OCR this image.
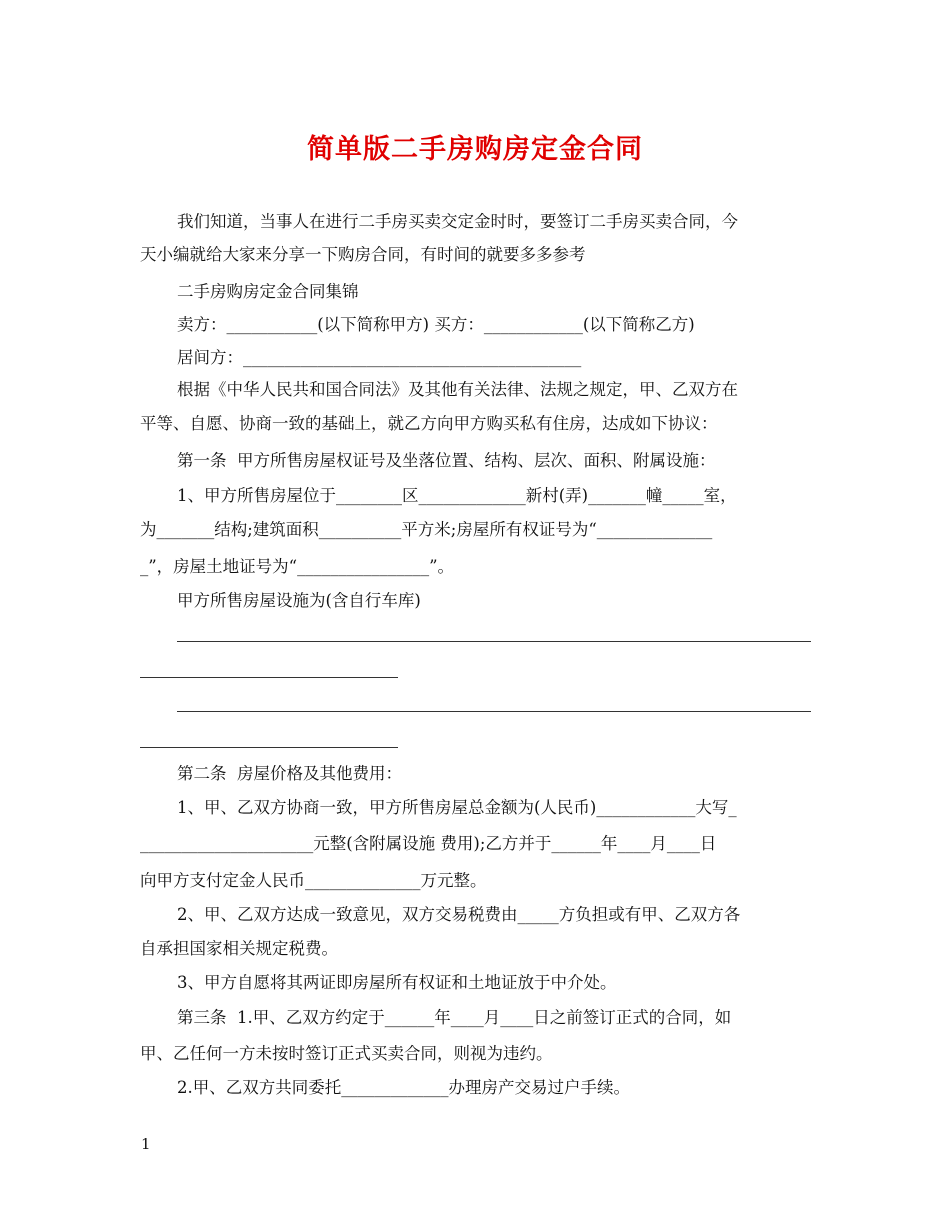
简单版二手房购房定金合同
我们知道，当事人在进行二手房买卖交定金时时，要签订二手房买卖合同，今
天小编就给大家来分享一下购房合同，有时间的就要多多参考
二手房购房定金合同集锦
卖方：___________(以下简称甲方) 买方：____________(以下简称乙方)
居间方：_________________________________________
根据《中华人民共和国合同法》及其他有关法律、法规之规定，甲、乙双方在
平等、自愿、协商一致的基础上，就乙方向甲方购买私有住房，达成如下协议：
第一条  甲方所售房屋权证号及坐落位置、结构、层次、面积、附属设施：
1、甲方所售房屋位于________区_____________新村(弄)_______幢_____室，
为_______结构;建筑面积__________平方米;房屋所有权证号为“______________
_”，房屋土地证号为“________________”。
甲方所售房屋设施为(含自行车库)
第二条  房屋价格及其他费用：
1、甲、乙双方协商一致，甲方所售房屋总金额为(人民币)____________大写_
_____________________元整(含附属设施 费用);乙方并于______年____月____日
向甲方支付定金人民币______________万元整。
2、甲、乙双方达成一致意见，双方交易税费由_____方负担或有甲、乙双方各
自承担国家相关规定税费。
3、甲方自愿将其两证即房屋所有权证和土地证放于中介处。
第三条  1.甲、乙双方约定于______年____月____日之前签订正式的合同，如
甲、乙任何一方未按时签订正式买卖合同，则视为违约。
2.甲、乙双方共同委托_____________办理房产交易过户手续。
1
